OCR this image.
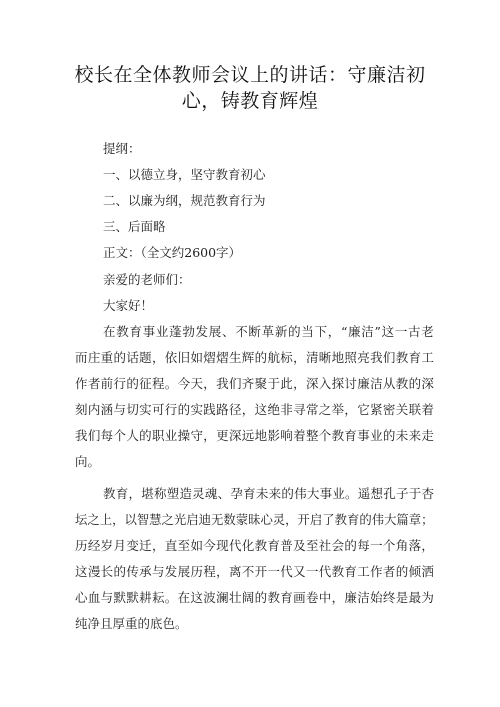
校长在全体教师会议上的讲话：守廉洁初
心，铸教育辉煌
提纲：
一、以德立身，坚守教育初心
二、以廉为纲，规范教育行为
三、后面略
正文：（全文约2600字）
亲爱的老师们：
大家好！
在教育事业蓬勃发展、不断革新的当下，“廉洁”这一古老
而庄重的话题，依旧如熠熠生辉的航标，清晰地照亮我们教育工
作者前行的征程。今天，我们齐聚于此，深入探讨廉洁从教的深
刻内涵与切实可行的实践路径，这绝非寻常之举，它紧密关联着
我们每个人的职业操守，更深远地影响着整个教育事业的未来走
向。
教育，堪称塑造灵魂、孕育未来的伟大事业。遥想孔子于杏
坛之上，以智慧之光启迪无数蒙昧心灵，开启了教育的伟大篇章；
历经岁月变迁，直至如今现代化教育普及至社会的每一个角落，
这漫长的传承与发展历程，离不开一代又一代教育工作者的倾洒
心血与默默耕耘。在这波澜壮阔的教育画卷中，廉洁始终是最为
纯净且厚重的底色。
